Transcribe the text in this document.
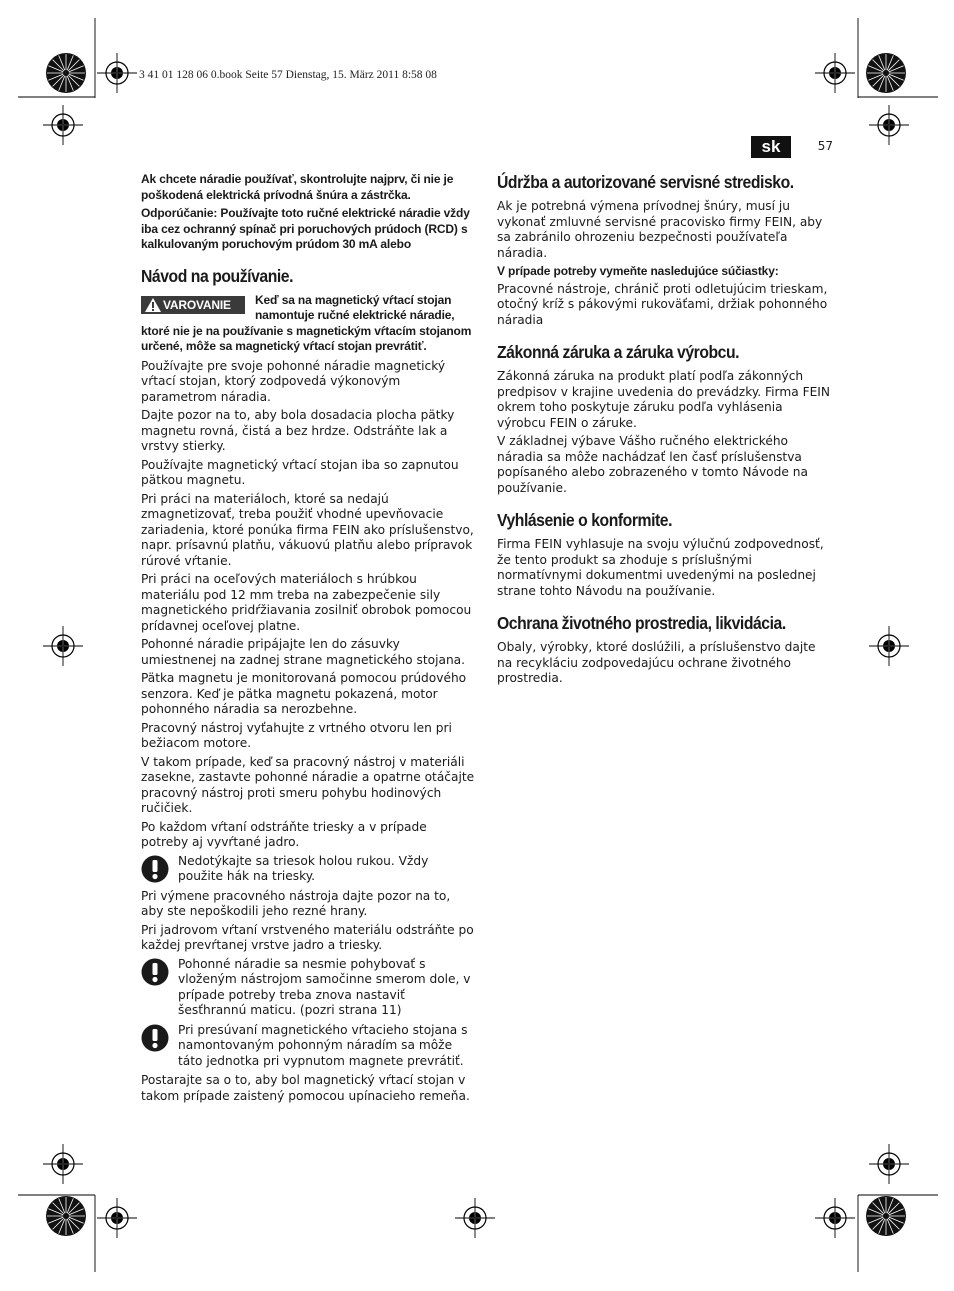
3 41 01 128 06 0.book Seite 57 Dienstag, 15. März 2011 8:58 08
sk	57

Ak chcete náradie používať, skontrolujte najprv, či nie je poškodená elektrická prívodná šnúra a zástrčka.

Odporúčanie: Používajte toto ručné elektrické náradie vždy iba cez ochranný spínač pri poruchových prúdoch (RCD) s kalkulovaným poruchovým prúdom 30 mA alebo

Návod na používanie.
VAROVANIE	Keď sa na magnetický vŕtací stojan namontuje ručné elektrické náradie, ktoré nie je na používanie s magnetickým vŕtacím stojanom určené, môže sa magnetický vŕtací stojan prevrátiť.

Používajte pre svoje pohonné náradie magnetický vŕtací stojan, ktorý zodpovedá výkonovým parametrom náradia.

Dajte pozor na to, aby bola dosadacia plocha pätky magnetu rovná, čistá a bez hrdze. Odstráňte lak a vrstvy stierky.

Používajte magnetický vŕtací stojan iba so zapnutou pätkou magnetu.

Pri práci na materiáloch, ktoré sa nedajú zmagnetizovať, treba použiť vhodné upevňovacie zariadenia, ktoré ponúka firma FEIN ako príslušenstvo, napr. prísavnú platňu, vákuovú platňu alebo prípravok rúrové vŕtanie.

Pri práci na oceľových materiáloch s hrúbkou materiálu pod 12 mm treba na zabezpečenie sily magnetického pridŕžiavania zosilniť obrobok pomocou prídavnej oceľovej platne.

Pohonné náradie pripájajte len do zásuvky umiestnenej na zadnej strane magnetického stojana.

Pätka magnetu je monitorovaná pomocou prúdového senzora. Keď je pätka magnetu pokazená, motor pohonného náradia sa nerozbehne.

Pracovný nástroj vyťahujte z vrtného otvoru len pri bežiacom motore.

V takom prípade, keď sa pracovný nástroj v materiáli zasekne, zastavte pohonné náradie a opatrne otáčajte pracovný nástroj proti smeru pohybu hodinových ručičiek.

Po každom vŕtaní odstráňte triesky a v prípade potreby aj vyvŕtané jadro.

Nedotýkajte sa triesok holou rukou. Vždy použite hák na triesky.

Pri výmene pracovného nástroja dajte pozor na to, aby ste nepoškodili jeho rezné hrany.

Pri jadrovom vŕtaní vrstveného materiálu odstráňte po každej prevŕtanej vrstve jadro a triesky.

Pohonné náradie sa nesmie pohybovať s vloženým nástrojom samočinne smerom dole, v prípade potreby treba znova nastaviť šesťhrannú maticu. (pozri strana 11)

Pri presúvaní magnetického vŕtacieho stojana s namontovaným pohonným náradím sa môže táto jednotka pri vypnutom magnete prevrátiť.

Postarajte sa o to, aby bol magnetický vŕtací stojan v takom prípade zaistený pomocou upínacieho remeňa.

Údržba a autorizované servisné stredisko.

Ak je potrebná výmena prívodnej šnúry, musí ju vykonať zmluvné servisné pracovisko firmy FEIN, aby sa zabránilo ohrozeniu bezpečnosti používateľa náradia.

V prípade potreby vymeňte nasledujúce súčiastky:

Pracovné nástroje, chránič proti odletujúcim trieskam, otočný kríž s pákovými rukoväťami, držiak pohonného náradia

Zákonná záruka a záruka výrobcu.

Zákonná záruka na produkt platí podľa zákonných predpisov v krajine uvedenia do prevádzky. Firma FEIN okrem toho poskytuje záruku podľa vyhlásenia výrobcu FEIN o záruke.

V základnej výbave Vášho ručného elektrického náradia sa môže nachádzať len časť príslušenstva popísaného alebo zobrazeného v tomto Návode na používanie.

Vyhlásenie o konformite.

Firma FEIN vyhlasuje na svoju výlučnú zodpovednosť, že tento produkt sa zhoduje s príslušnými normatívnymi dokumentmi uvedenými na poslednej strane tohto Návodu na používanie.

Ochrana životného prostredia, likvidácia.

Obaly, výrobky, ktoré doslúžili, a príslušenstvo dajte na recykláciu zodpovedajúcu ochrane životného prostredia.
